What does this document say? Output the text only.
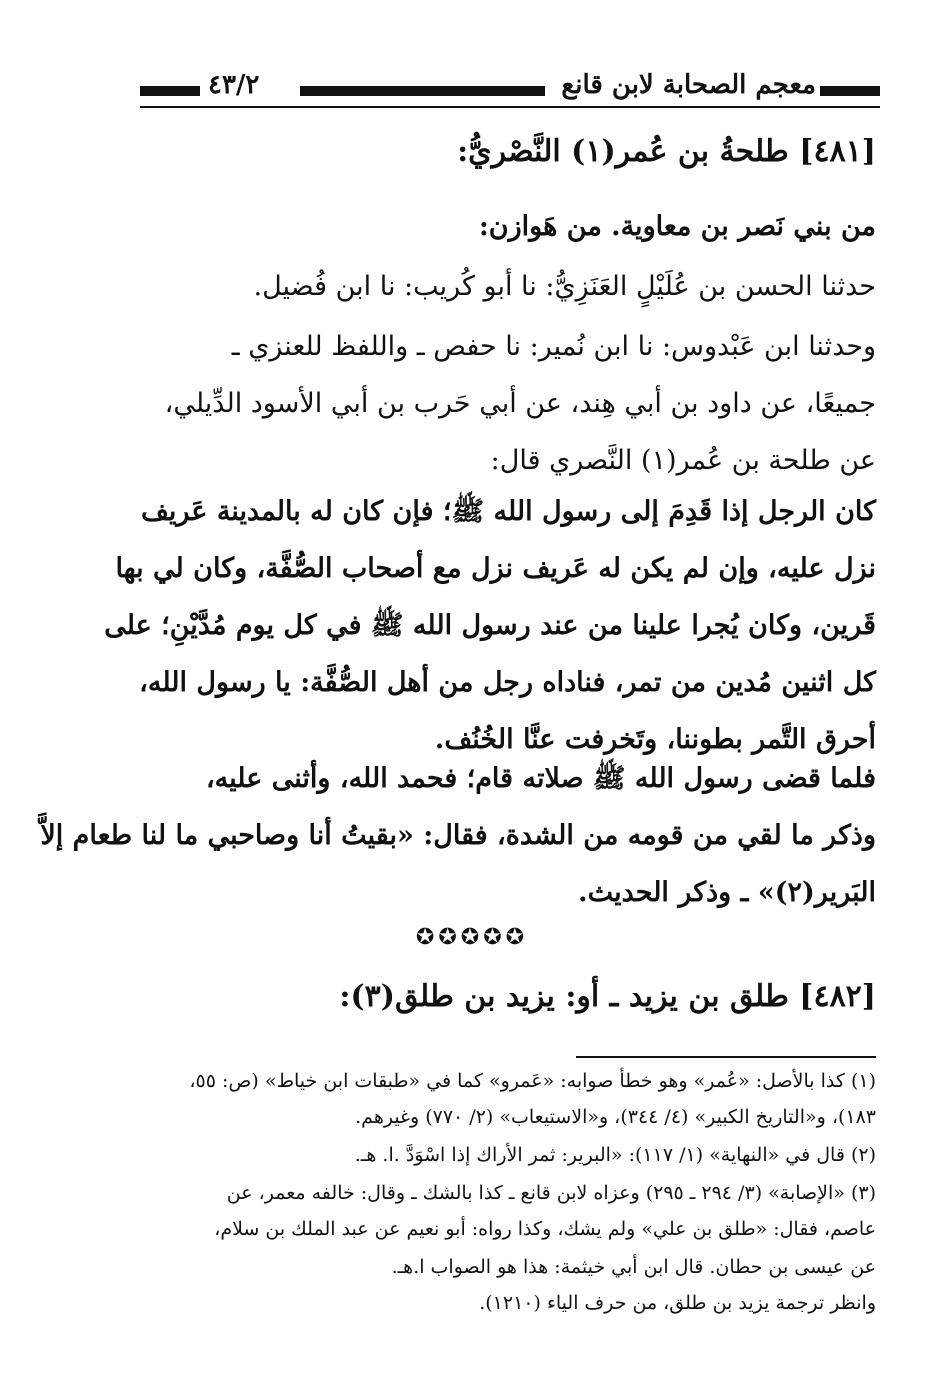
معجم الصحابة لابن قانع
٤٣/٢
[٤٨١] طلحةُ بن عُمر(١) النَّصْريُّ:
من بني نَصر بن معاوية. من هَوازن:
حدثنا الحسن بن عُلَيْلٍ العَنَزِيُّ: نا أبو كُريب: نا ابن فُضيل.
وحدثنا ابن عَبْدوس: نا ابن نُمير: نا حفص ـ واللفظ للعنزي ـ
جميعًا، عن داود بن أبي هِند، عن أبي حَرب بن أبي الأسود الدِّيلي،
عن طلحة بن عُمر(١) النَّصري قال:
كان الرجل إذا قَدِمَ إلى رسول الله ﷺ؛ فإن كان له بالمدينة عَريف
نزل عليه، وإن لم يكن له عَريف نزل مع أصحاب الصُّفَّة، وكان لي بها
قَرين، وكان يُجرا علينا من عند رسول الله ﷺ في كل يوم مُدَّيْنِ؛ على
كل اثنين مُدين من تمر، فناداه رجل من أهل الصُّفَّة: يا رسول الله،
أحرق التَّمر بطوننا، وتَخرفت عنَّا الخُنُف.
فلما قضى رسول الله ﷺ صلاته قام؛ فحمد الله، وأثنى عليه،
وذكر ما لقي من قومه من الشدة، فقال: «بقيتُ أنا وصاحبي ما لنا طعام إلاَّ
البَرير(٢)» ـ وذكر الحديث.
✪✪✪✪✪
[٤٨٢] طلق بن يزيد ـ أو: يزيد بن طلق(٣):
(١) كذا بالأصل: «عُمر» وهو خطأ صوابه: «عَمرو» كما في «طبقات ابن خياط» (ص: ٥٥،
١٨٣)، و«التاريخ الكبير» (٤/ ٣٤٤)، و«الاستيعاب» (٢/ ٧٧٠) وغيرهم.
(٢) قال في «النهاية» (١/ ١١٧): «البرير: ثمر الأراك إذا اسْوَدَّ .ا. هـ.
(٣) «الإصابة» (٣/ ٢٩٤ ـ ٢٩٥) وعزاه لابن قانع ـ كذا بالشك ـ وقال: خالفه معمر، عن
عاصم، فقال: «طلق بن علي» ولم يشك، وكذا رواه: أبو نعيم عن عبد الملك بن سلام،
عن عيسى بن حطان. قال ابن أبي خيثمة: هذا هو الصواب ا.هـ.
وانظر ترجمة يزيد بن طلق، من حرف الياء (١٢١٠).
